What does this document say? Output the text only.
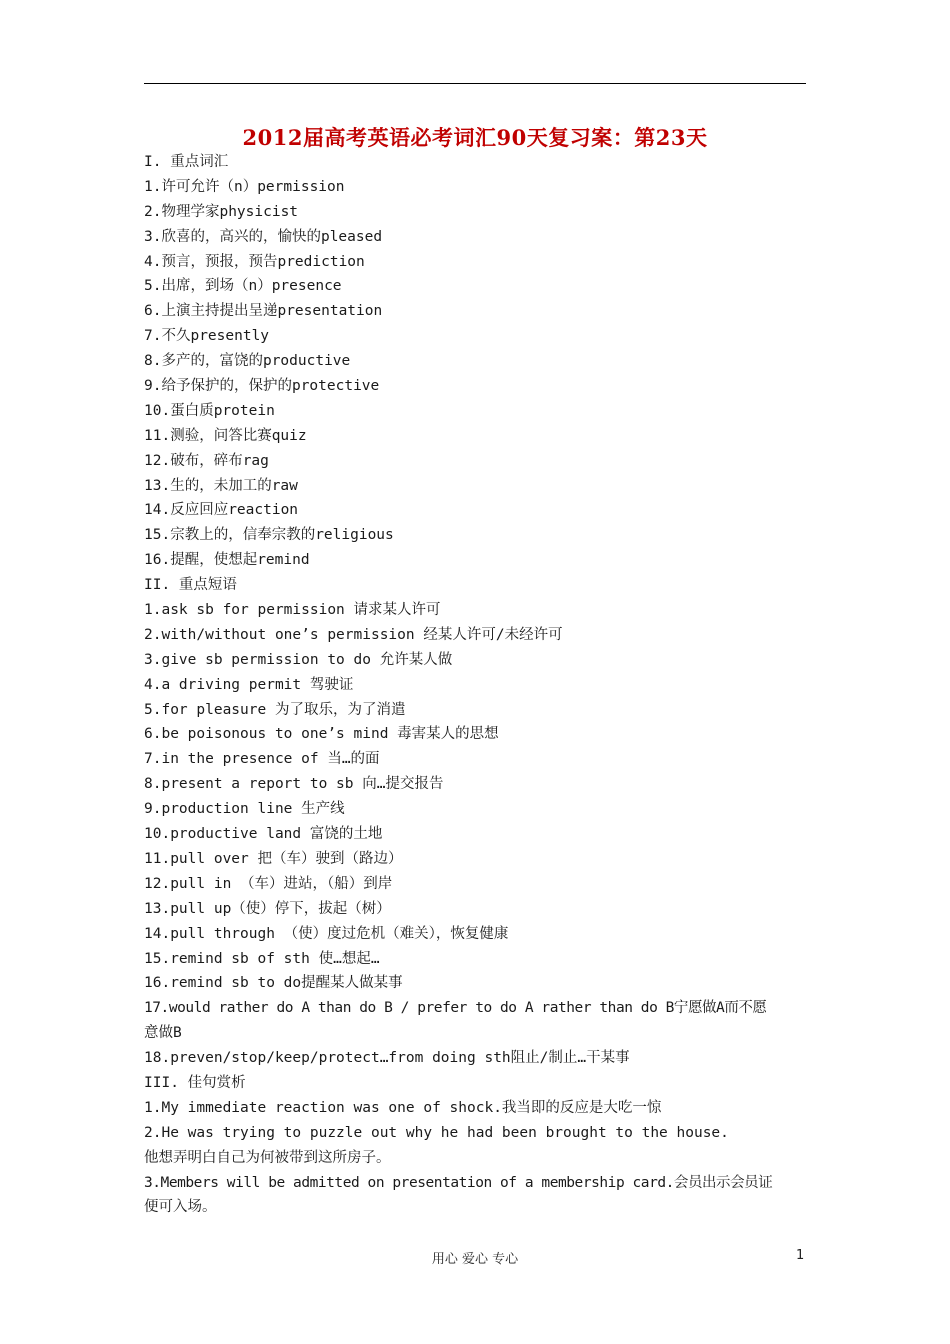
2012届高考英语必考词汇90天复习案：第23天
I. 重点词汇
1.许可允许（n）permission
2.物理学家physicist
3.欣喜的，高兴的，愉快的pleased
4.预言，预报，预告prediction
5.出席，到场（n）presence
6.上演主持提出呈递presentation
7.不久presently
8.多产的，富饶的productive
9.给予保护的，保护的protective
10.蛋白质protein
11.测验，问答比赛quiz
12.破布，碎布rag
13.生的，未加工的raw
14.反应回应reaction
15.宗教上的，信奉宗教的religious
16.提醒，使想起remind
II. 重点短语
1.ask sb for permission 请求某人许可
2.with/without one’s permission 经某人许可/未经许可
3.give sb permission to do 允许某人做
4.a driving permit 驾驶证
5.for pleasure 为了取乐，为了消遣
6.be poisonous to one’s mind 毒害某人的思想
7.in the presence of 当…的面
8.present a report to sb 向…提交报告
9.production line 生产线
10.productive land 富饶的土地
11.pull over 把（车）驶到（路边）
12.pull in （车）进站，（船）到岸
13.pull up（使）停下，拔起（树）
14.pull through （使）度过危机（难关），恢复健康
15.remind sb of sth 使…想起…
16.remind sb to do提醒某人做某事
17.would rather do A than do B / prefer to do A rather than do B宁愿做A而不愿
意做B
18.preven/stop/keep/protect…from doing sth阻止/制止…干某事
III. 佳句赏析
1.My immediate reaction was one of shock.我当即的反应是大吃一惊
2.He was trying to puzzle out why he had been brought to the house.
他想弄明白自己为何被带到这所房子。
3.Members will be admitted on presentation of a membership card.会员出示会员证
便可入场。
用心 爱心 专心	1
